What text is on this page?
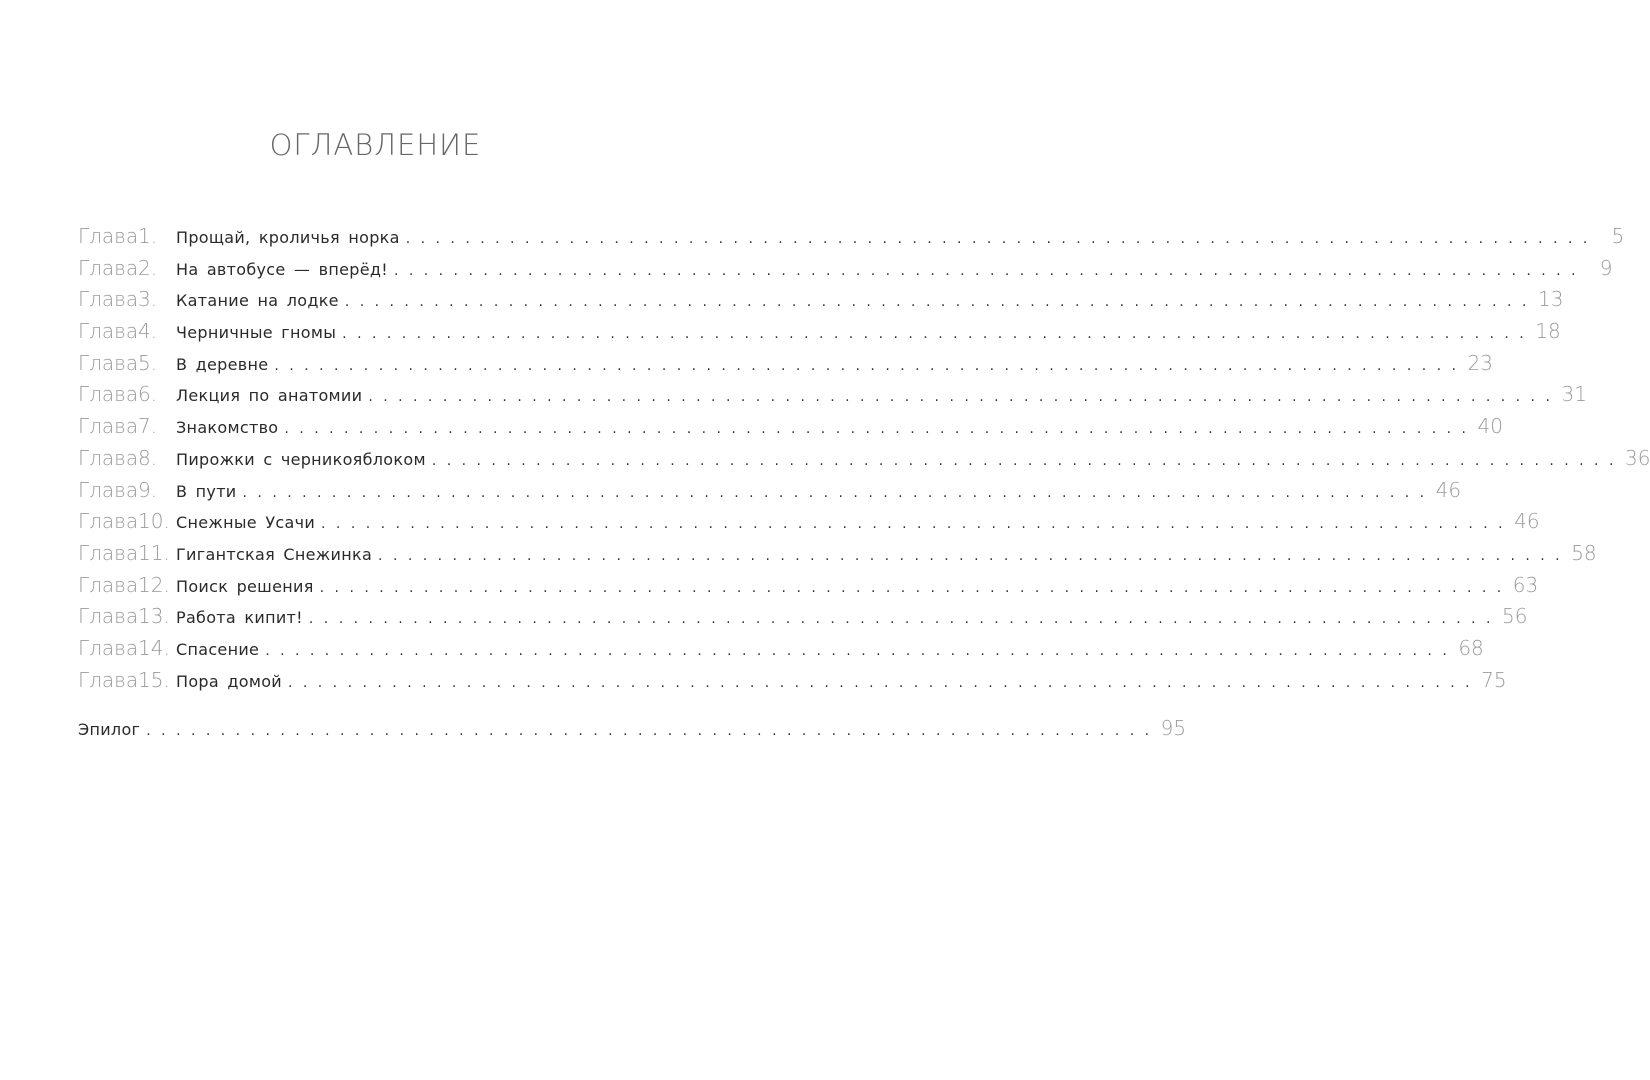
ОГЛАВЛЕНИЕ
Глава 1.	Прощай, кроличья норка . . . . . . . . . . . . . . . . . . . . . . . . . . . . . . . . . . . . . . . . . . . . . . . . . . . . . . . . . . . . . . . . . . . . . . . . . . . . . . . .	5
Глава 2.	На автобусе — вперёд! . . . . . . . . . . . . . . . . . . . . . . . . . . . . . . . . . . . . . . . . . . . . . . . . . . . . . . . . . . . . . . . . . . . . . . . . . . . . . . . .	9
Глава 3.	Катание на лодке . . . . . . . . . . . . . . . . . . . . . . . . . . . . . . . . . . . . . . . . . . . . . . . . . . . . . . . . . . . . . . . . . . . . . . . . . . . . . . . . 13
Глава 4.	Черничные гномы . . . . . . . . . . . . . . . . . . . . . . . . . . . . . . . . . . . . . . . . . . . . . . . . . . . . . . . . . . . . . . . . . . . . . . . . . . . . . . . . 18
Глава 5.	В деревне . . . . . . . . . . . . . . . . . . . . . . . . . . . . . . . . . . . . . . . . . . . . . . . . . . . . . . . . . . . . . . . . . . . . . . . . . . . . . . . . 23
Глава 6.	Лекция по анатомии . . . . . . . . . . . . . . . . . . . . . . . . . . . . . . . . . . . . . . . . . . . . . . . . . . . . . . . . . . . . . . . . . . . . . . . . . . . . . . . . 31
Глава 7.	Знакомство . . . . . . . . . . . . . . . . . . . . . . . . . . . . . . . . . . . . . . . . . . . . . . . . . . . . . . . . . . . . . . . . . . . . . . . . . . . . . . . . 40
Глава 8.	Пирожки с черникояблоком . . . . . . . . . . . . . . . . . . . . . . . . . . . . . . . . . . . . . . . . . . . . . . . . . . . . . . . . . . . . . . . . . . . . . . . . . . . . . . . . 36
Глава 9.	В пути . . . . . . . . . . . . . . . . . . . . . . . . . . . . . . . . . . . . . . . . . . . . . . . . . . . . . . . . . . . . . . . . . . . . . . . . . . . . . . . . 46
Глава 10. Снежные Усачи . . . . . . . . . . . . . . . . . . . . . . . . . . . . . . . . . . . . . . . . . . . . . . . . . . . . . . . . . . . . . . . . . . . . . . . . . . . . . . . . 46
Глава 11. Гигантская Снежинка . . . . . . . . . . . . . . . . . . . . . . . . . . . . . . . . . . . . . . . . . . . . . . . . . . . . . . . . . . . . . . . . . . . . . . . . . . . . . . . . 58
Глава 12. Поиск решения . . . . . . . . . . . . . . . . . . . . . . . . . . . . . . . . . . . . . . . . . . . . . . . . . . . . . . . . . . . . . . . . . . . . . . . . . . . . . . . . 63
Глава 13. Работа кипит! . . . . . . . . . . . . . . . . . . . . . . . . . . . . . . . . . . . . . . . . . . . . . . . . . . . . . . . . . . . . . . . . . . . . . . . . . . . . . . . . 56
Глава 14. Спасение . . . . . . . . . . . . . . . . . . . . . . . . . . . . . . . . . . . . . . . . . . . . . . . . . . . . . . . . . . . . . . . . . . . . . . . . . . . . . . . . 68
Глава 15. Пора домой . . . . . . . . . . . . . . . . . . . . . . . . . . . . . . . . . . . . . . . . . . . . . . . . . . . . . . . . . . . . . . . . . . . . . . . . . . . . . . . . 75
Эпилог . . . . . . . . . . . . . . . . . . . . . . . . . . . . . . . . . . . . . . . . . . . . . . . . . . . . . . . . . . . . . . . . . . . . 95
